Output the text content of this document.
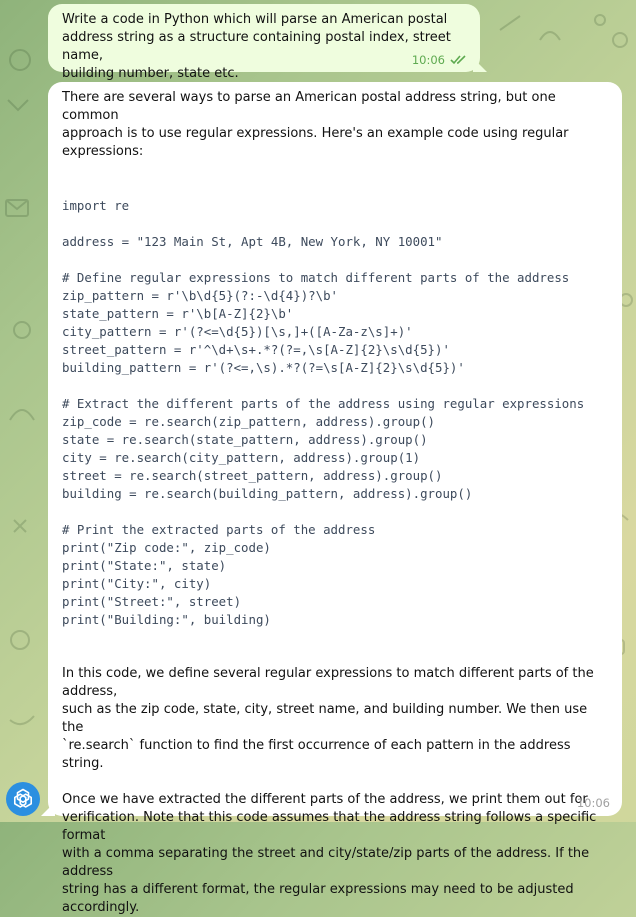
Write a code in Python which will parse an American postal
address string as a structure containing postal index, street name,
building number, state etc.

10:06

There are several ways to parse an American postal address string, but one common
approach is to use regular expressions. Here's an example code using regular
expressions:

import re

address = "123 Main St, Apt 4B, New York, NY 10001"

# Define regular expressions to match different parts of the address
zip_pattern = r'\b\d{5}(?:-\d{4})?\b'
state_pattern = r'\b[A-Z]{2}\b'
city_pattern = r'(?<=\d{5})[\s,]+([A-Za-z\s]+)'
street_pattern = r'^\d+\s+.*?(?=,\s[A-Z]{2}\s\d{5})'
building_pattern = r'(?<=,\s).*?(?=\s[A-Z]{2}\s\d{5})'

# Extract the different parts of the address using regular expressions
zip_code = re.search(zip_pattern, address).group()
state = re.search(state_pattern, address).group()
city = re.search(city_pattern, address).group(1)
street = re.search(street_pattern, address).group()
building = re.search(building_pattern, address).group()

# Print the extracted parts of the address
print("Zip code:", zip_code)
print("State:", state)
print("City:", city)
print("Street:", street)
print("Building:", building)

In this code, we define several regular expressions to match different parts of the address,
such as the zip code, state, city, street name, and building number. We then use the
`re.search` function to find the first occurrence of each pattern in the address string.

Once we have extracted the different parts of the address, we print them out for
verification. Note that this code assumes that the address string follows a specific format
with a comma separating the street and city/state/zip parts of the address. If the address
string has a different format, the regular expressions may need to be adjusted
accordingly.

10:06
